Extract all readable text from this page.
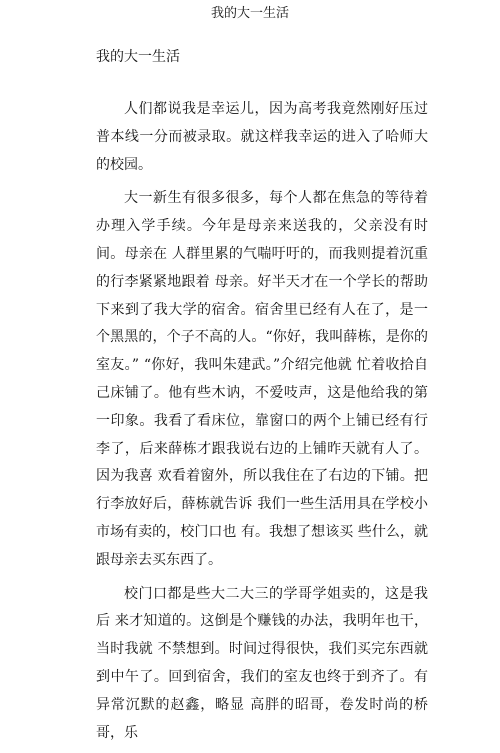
我的大一生活
我的大一生活

人们都说我是幸运儿，因为高考我竟然刚好压过普本线一分而被录取。就这样我幸运的进入了哈师大的校园。

大一新生有很多很多，每个人都在焦急的等待着办理入学手续。今年是母亲来送我的，父亲没有时间。母亲在 人群里累的气喘吁吁的，而我则提着沉重的行李紧紧地跟着 母亲。好半天才在一个学长的帮助下来到了我大学的宿舍。宿舍里已经有人在了，是一个黑黑的，个子不高的人。“你好，我叫薛栋，是你的室友。” “你好，我叫朱建武。”介绍完他就 忙着收拾自己床铺了。他有些木讷，不爱吱声，这是他给我的第一印象。我看了看床位，靠窗口的两个上铺已经有行李了，后来薛栋才跟我说右边的上铺昨天就有人了。因为我喜 欢看着窗外，所以我住在了右边的下铺。把行李放好后，薛栋就告诉 我们一些生活用具在学校小市场有卖的，校门口也 有。我想了想该买 些什么，就跟母亲去买东西了。

校门口都是些大二大三的学哥学姐卖的，这是我后 来才知道的。这倒是个赚钱的办法，我明年也干，当时我就 不禁想到。时间过得很快，我们买完东西就到中午了。回到宿舍，我们的室友也终于到齐了。有异常沉默的赵鑫，略显 高胖的昭哥，卷发时尚的桥哥，乐
